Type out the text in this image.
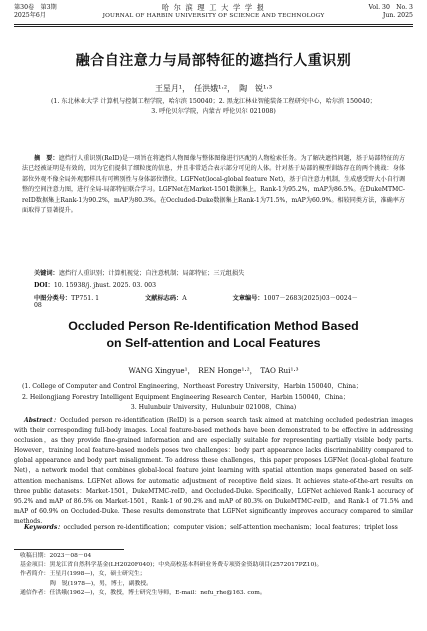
第30卷　 第3期
2025年6月
哈 尔 滨 理 工 大 学 学 报
JOURNAL OF HARBIN UNIVERSITY OF SCIENCE AND TECHNOLOGY
Vol. 30　 No. 3
Jun. 2025
融合自注意力与局部特征的遮挡行人重识别
王星月¹，　任洪娥¹·²，　陶　锐¹·³
(1. 东北林业大学 计算机与控制工程学院，哈尔滨 150040；2. 黑龙江林业智能装备工程研究中心，哈尔滨 150040；
3. 呼伦贝尔学院，内蒙古 呼伦贝尔 021008)
摘　要：遮挡行人重识别(ReID)是一项旨在将遮挡人物图像与整体图像进行匹配的人物检索任务。为了解决遮挡问题，基于局部特征的方法已经被证明是有效的，因为它们提供了细粒度的信息，并且非常适合表示部分可见的人体。针对基于局部的模型训练存在的两个挑战：身体部位外观不像全局外观那样具有可辨别性与身体部位错位。LGFNet(local-global feature Net)，基于自注意力机制，生成感受野大小自行调整的空间注意力图，进行全局-局部特征联合学习。LGFNet在Market-1501数据集上，Rank-1为95.2%，mAP为86.5%。在DukeMTMC-reID数据集上Rank-1为90.2%，mAP为80.3%。在Occluded-Duke数据集上Rank-1为71.5%，mAP为60.9%。相较同类方法，准确率方面取得了显著提升。
关键词：遮挡行人重识别；计算机视觉；自注意机制；局部特征；三元组损失
DOI：10. 15938/j. jhust. 2025. 03. 003
中图分类号：TP751. 1	文献标志码：A	文章编号：1007－2683(2025)03－0024－08
Occluded Person Re-Identification Method Based
on Self-attention and Local Features
WANG Xingyue¹，　REN Honge¹·²，　TAO Rui¹·³
(1. College of Computer and Control Engineering，Northeast Forestry University，Harbin 150040，China；
2. Heilongjiang Forestry Intelligent Equipment Engineering Research Center，Harbin 150040，China；
3. Hulunbuir University，Hulunbuir 021008，China)
Abstract：Occluded person re-identification (ReID) is a person search task aimed at matching occluded pedestrian images with their corresponding full-body images. Local feature-based methods have been demonstrated to be effective in addressing occlusion，as they provide fine-grained information and are especially suitable for representing partially visible body parts. However，training local feature-based models poses two challenges：body part appearance lacks discriminability compared to global appearance and body part misalignment. To address these challenges，this paper proposes LGFNet (local-global feature Net)，a network model that combines global-local feature joint learning with spatial attention maps generated based on self-attention mechanisms. LGFNet allows for automatic adjustment of receptive field sizes. It achieves state-of-the-art results on three public datasets：Market-1501，DukeMTMC-reID，and Occluded-Duke. Specifically，LGFNet achieved Rank-1 accuracy of 95.2% and mAP of 86.5% on Market-1501，Rank-1 of 90.2% and mAP of 80.3% on DukeMTMC-reID，and Rank-1 of 71.5% and mAP of 60.9% on Occluded-Duke. These results demonstrate that LGFNet significantly improves accuracy compared to similar methods.
Keywords：occluded person re-identification；computer vision；self-attention mechanism；local features；triplet loss
收稿日期：2023－08－04
基金项目：黑龙江省自然科学基金(LH2020F040)；中央高校基本科研业务费专项资金资助项目(2572017PZ10)。
作者简介：王星月(1998—)，女，硕士研究生；
陶　锐(1978—)，男，博士，副教授。
通信作者：任洪娥(1962—)，女，教授，博士研究生导师，E-mail：nefu_rhe@163. com。
